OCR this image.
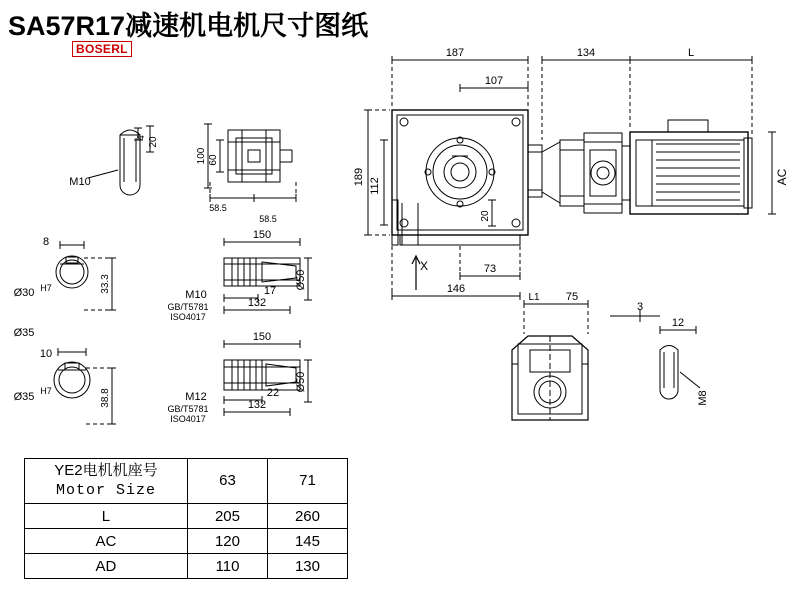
SA57R17减速机电机尺寸图纸
BOSERL	187
107
134	L
189 112
20
AC
73
146
X
L1 75
3
12
M8
20
4
M10
100 60
58.5
58.5
8
Ø30 H7	33.3
Ø35
10
Ø35 H7	38.8
150
17
132
Ø50
M10
GB/T5781
ISO4017
150
22
132
Ø50
M12
GB/T5781
ISO4017
YE2电机机座号
Motor Size	63	71
L	205	260
AC	120	145
AD	110	130
